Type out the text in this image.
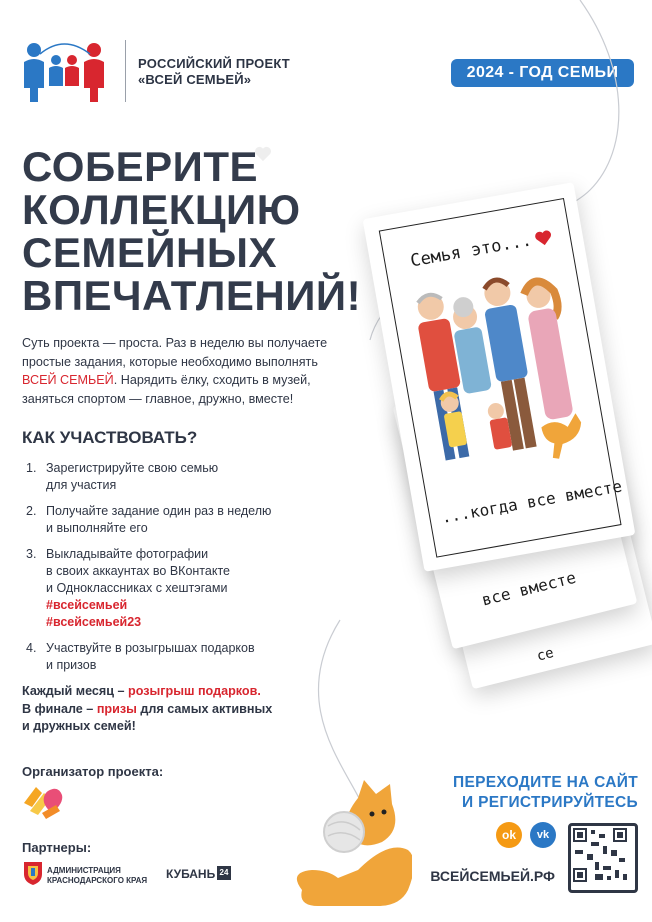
РОССИЙСКИЙ ПРОЕКТ
«ВСЕЙ СЕМЬЕЙ»	2024 - ГОД СЕМЬИ
СОБЕРИТЕ
КОЛЛЕКЦИЮ
СЕМЕЙНЫХ
ВПЕЧАТЛЕНИЙ!
Суть проекта — проста. Раз в неделю вы получаете простые задания, которые необходимо выполнять ВСЕЙ СЕМЬЕЙ. Нарядить ёлку, сходить в музей, заняться спортом — главное, дружно, вместе!
КАК УЧАСТВОВАТЬ?
1. Зарегистрируйте свою семью
для участия
2. Получайте задание один раз в неделю
и выполняйте его
3. Выкладывайте фотографии
в своих аккаунтах во ВКонтакте
и Одноклассниках с хештэгами
#всейсемьей
#всейсемьей23
4. Участвуйте в розыгрышах подарков
и призов
Каждый месяц – розыгрыш подарков.
В финале – призы для самых активных
и дружных семей!
Организатор проекта:
Партнеры:
АДМИНИСТРАЦИЯ
КРАСНОДАРСКОГО КРАЯ КУБАНЬ 24
се
все вместе
Семья это...
...когда все вместе
ПЕРЕХОДИТЕ НА САЙТ
И РЕГИСТРИРУЙТЕСЬ
ok	vk
ВСЕЙСЕМЬЕЙ.РФ
